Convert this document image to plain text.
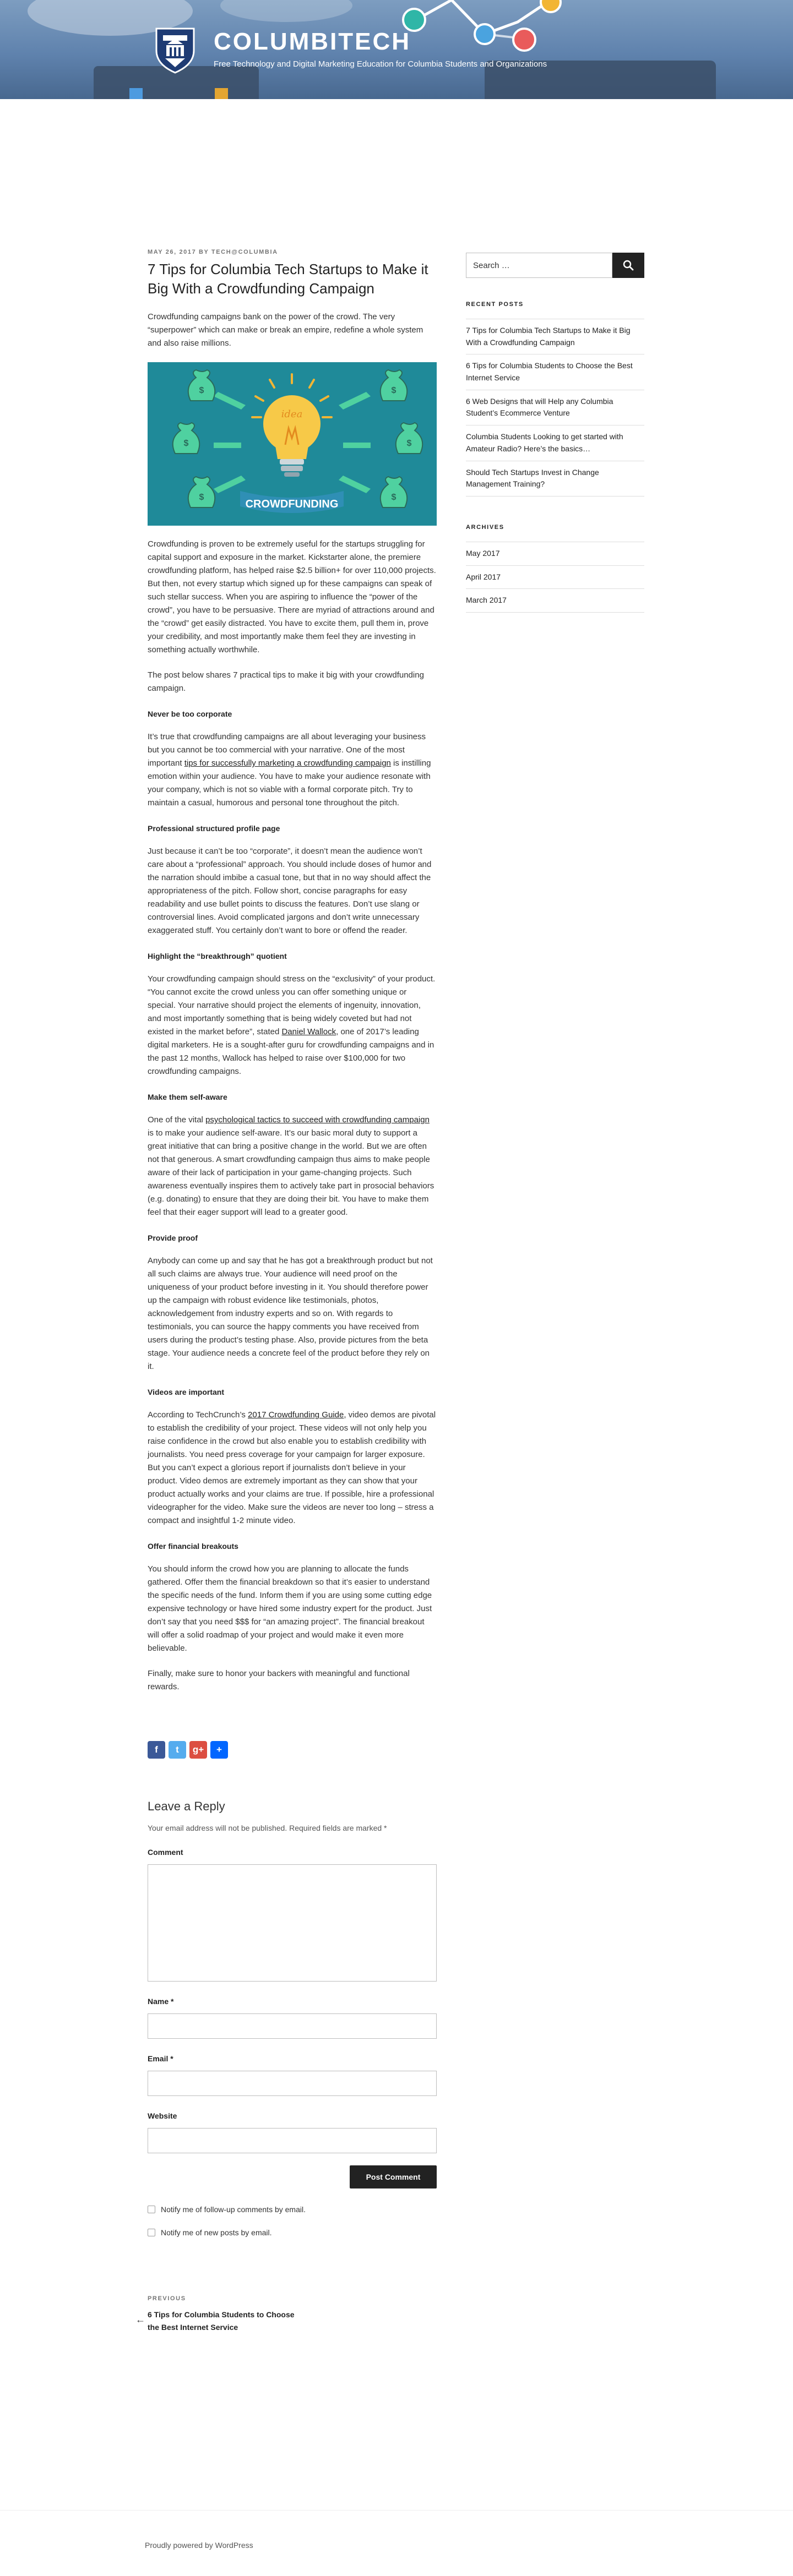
COLUMBITECH
Free Technology and Digital Marketing Education for Columbia Students and Organizations
MAY 26, 2017 BY TECH@COLUMBIA
7 Tips for Columbia Tech Startups to Make it Big With a Crowdfunding Campaign

Crowdfunding campaigns bank on the power of the crowd. The very “superpower” which can make or break an empire, redefine a whole system and also raise millions.

$	$
$	$
$	$
idea
CROWDFUNDING

Crowdfunding is proven to be extremely useful for the startups struggling for capital support and exposure in the market. Kickstarter alone, the premiere crowdfunding platform, has helped raise $2.5 billion+ for over 110,000 projects. But then, not every startup which signed up for these campaigns can speak of such stellar success. When you are aspiring to influence the “power of the crowd”, you have to be persuasive. There are myriad of attractions around and the “crowd” get easily distracted. You have to excite them, pull them in, prove your credibility, and most importantly make them feel they are investing in something actually worthwhile.

The post below shares 7 practical tips to make it big with your crowdfunding campaign.

Never be too corporate

It’s true that crowdfunding campaigns are all about leveraging your business but you cannot be too commercial with your narrative. One of the most important tips for successfully marketing a crowdfunding campaign is instilling emotion within your audience. You have to make your audience resonate with your company, which is not so viable with a formal corporate pitch. Try to maintain a casual, humorous and personal tone throughout the pitch.

Professional structured profile page

Just because it can’t be too “corporate”, it doesn’t mean the audience won’t care about a “professional” approach. You should include doses of humor and the narration should imbibe a casual tone, but that in no way should affect the appropriateness of the pitch. Follow short, concise paragraphs for easy readability and use bullet points to discuss the features. Don’t use slang or controversial lines. Avoid complicated jargons and don’t write unnecessary exaggerated stuff. You certainly don’t want to bore or offend the reader.

Highlight the “breakthrough” quotient

Your crowdfunding campaign should stress on the “exclusivity” of your product. “You cannot excite the crowd unless you can offer something unique or special. Your narrative should project the elements of ingenuity, innovation, and most importantly something that is being widely coveted but had not existed in the market before”, stated Daniel Wallock, one of 2017’s leading digital marketers. He is a sought-after guru for crowdfunding campaigns and in the past 12 months, Wallock has helped to raise over $100,000 for two crowdfunding campaigns.

Make them self-aware

One of the vital psychological tactics to succeed with crowdfunding campaign is to make your audience self-aware. It’s our basic moral duty to support a great initiative that can bring a positive change in the world. But we are often not that generous. A smart crowdfunding campaign thus aims to make people aware of their lack of participation in your game-changing projects. Such awareness eventually inspires them to actively take part in prosocial behaviors (e.g. donating) to ensure that they are doing their bit. You have to make them feel that their eager support will lead to a greater good.

Provide proof

Anybody can come up and say that he has got a breakthrough product but not all such claims are always true. Your audience will need proof on the uniqueness of your product before investing in it. You should therefore power up the campaign with robust evidence like testimonials, photos, acknowledgement from industry experts and so on. With regards to testimonials, you can source the happy comments you have received from users during the product’s testing phase. Also, provide pictures from the beta stage. Your audience needs a concrete feel of the product before they rely on it.

Videos are important

According to TechCrunch’s 2017 Crowdfunding Guide, video demos are pivotal to establish the credibility of your project. These videos will not only help you raise confidence in the crowd but also enable you to establish credibility with journalists. You need press coverage for your campaign for larger exposure. But you can’t expect a glorious report if journalists don’t believe in your product. Video demos are extremely important as they can show that your product actually works and your claims are true. If possible, hire a professional videographer for the video. Make sure the videos are never too long – stress a compact and insightful 1-2 minute video.

Offer financial breakouts

You should inform the crowd how you are planning to allocate the funds gathered. Offer them the financial breakdown so that it’s easier to understand the specific needs of the fund. Inform them if you are using some cutting edge expensive technology or have hired some industry expert for the product. Just don’t say that you need $$$ for “an amazing project”. The financial breakout will offer a solid roadmap of your project and would make it even more believable.

Finally, make sure to honor your backers with meaningful and functional rewards.

f t g+ +
Leave a Reply

Your email address will not be published. Required fields are marked *

Comment
Name *
Email *
Website
Post Comment
Notify me of follow-up comments by email.
Notify me of new posts by email.
PREVIOUS
← 6 Tips for Columbia Students to Choose the Best Internet Service
Search …
RECENT POSTS
7 Tips for Columbia Tech Startups to Make it Big With a Crowdfunding Campaign
6 Tips for Columbia Students to Choose the Best Internet Service
6 Web Designs that will Help any Columbia Student’s Ecommerce Venture
Columbia Students Looking to get started with Amateur Radio? Here’s the basics…
Should Tech Startups Invest in Change Management Training?
ARCHIVES
May 2017
April 2017
March 2017
Proudly powered by WordPress
